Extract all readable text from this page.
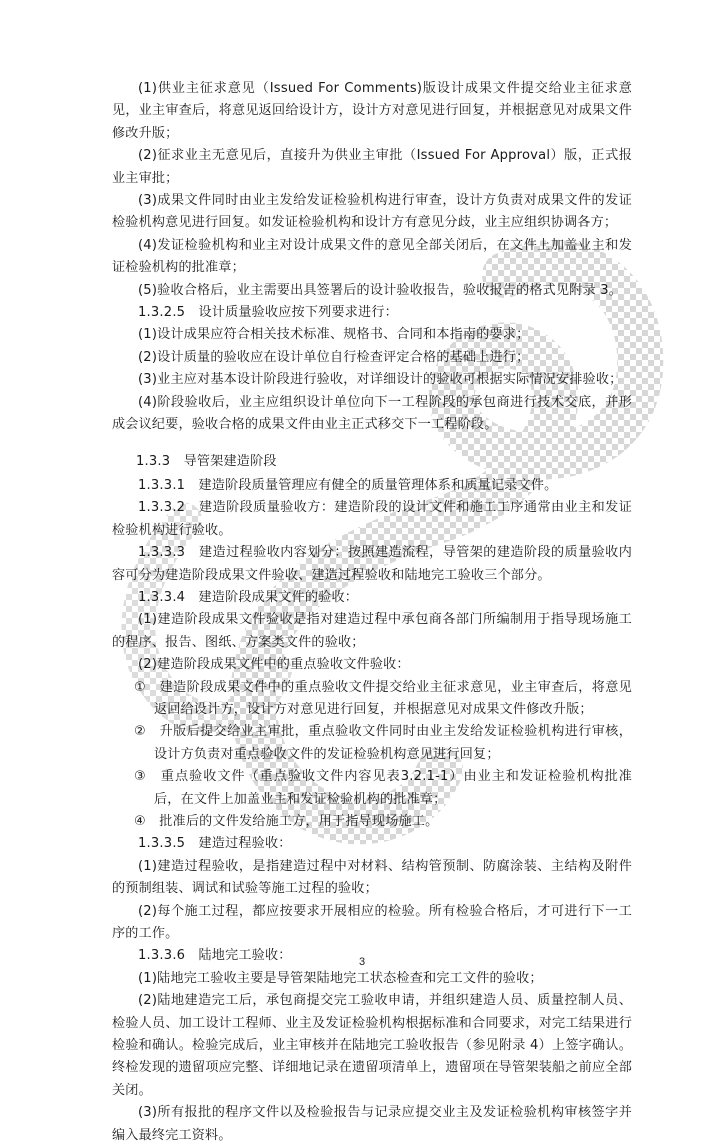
(1)供业主征求意见（Issued For Comments)版设计成果文件提交给业主征求意见，业主审查后，将意见返回给设计方，设计方对意见进行回复，并根据意见对成果文件修改升版；

(2)征求业主无意见后，直接升为供业主审批（Issued For Approval）版，正式报业主审批；

(3)成果文件同时由业主发给发证检验机构进行审查，设计方负责对成果文件的发证检验机构意见进行回复。如发证检验机构和设计方有意见分歧，业主应组织协调各方；

(4)发证检验机构和业主对设计成果文件的意见全部关闭后，在文件上加盖业主和发证检验机构的批准章；

(5)验收合格后，业主需要出具签署后的设计验收报告，验收报告的格式见附录 3。

1.3.2.5　设计质量验收应按下列要求进行：

(1)设计成果应符合相关技术标准、规格书、合同和本指南的要求；

(2)设计质量的验收应在设计单位自行检查评定合格的基础上进行；

(3)业主应对基本设计阶段进行验收，对详细设计的验收可根据实际情况安排验收；

(4)阶段验收后，业主应组织设计单位向下一工程阶段的承包商进行技术交底，并形成会议纪要，验收合格的成果文件由业主正式移交下一工程阶段。

1.3.3　导管架建造阶段

1.3.3.1　建造阶段质量管理应有健全的质量管理体系和质量记录文件。

1.3.3.2　建造阶段质量验收方：建造阶段的设计文件和施工工序通常由业主和发证检验机构进行验收。

1.3.3.3　建造过程验收内容划分：按照建造流程，导管架的建造阶段的质量验收内容可分为建造阶段成果文件验收、建造过程验收和陆地完工验收三个部分。

1.3.3.4　建造阶段成果文件的验收：

(1)建造阶段成果文件验收是指对建造过程中承包商各部门所编制用于指导现场施工的程序、报告、图纸、方案类文件的验收；

(2)建造阶段成果文件中的重点验收文件验收：

①　建造阶段成果文件中的重点验收文件提交给业主征求意见，业主审查后，将意见返回给设计方，设计方对意见进行回复，并根据意见对成果文件修改升版；

②　升版后提交给业主审批，重点验收文件同时由业主发给发证检验机构进行审核，设计方负责对重点验收文件的发证检验机构意见进行回复；

③　重点验收文件（重点验收文件内容见表3.2.1-1）由业主和发证检验机构批准后，在文件上加盖业主和发证检验机构的批准章；

④　批准后的文件发给施工方，用于指导现场施工。

1.3.3.5　建造过程验收：

(1)建造过程验收，是指建造过程中对材料、结构管预制、防腐涂装、主结构及附件的预制组装、调试和试验等施工过程的验收；

(2)每个施工过程，都应按要求开展相应的检验。所有检验合格后，才可进行下一工序的工作。

1.3.3.6　陆地完工验收：

(1)陆地完工验收主要是导管架陆地完工状态检查和完工文件的验收；

(2)陆地建造完工后，承包商提交完工验收申请，并组织建造人员、质量控制人员、检验人员、加工设计工程师、业主及发证检验机构根据标准和合同要求，对完工结果进行检验和确认。检验完成后，业主审核并在陆地完工验收报告（参见附录 4）上签字确认。终检发现的遗留项应完整、详细地记录在遗留项清单上，遗留项在导管架装船之前应全部关闭。

(3)所有报批的程序文件以及检验报告与记录应提交业主及发证检验机构审核签字并编入最终完工资料。

3
